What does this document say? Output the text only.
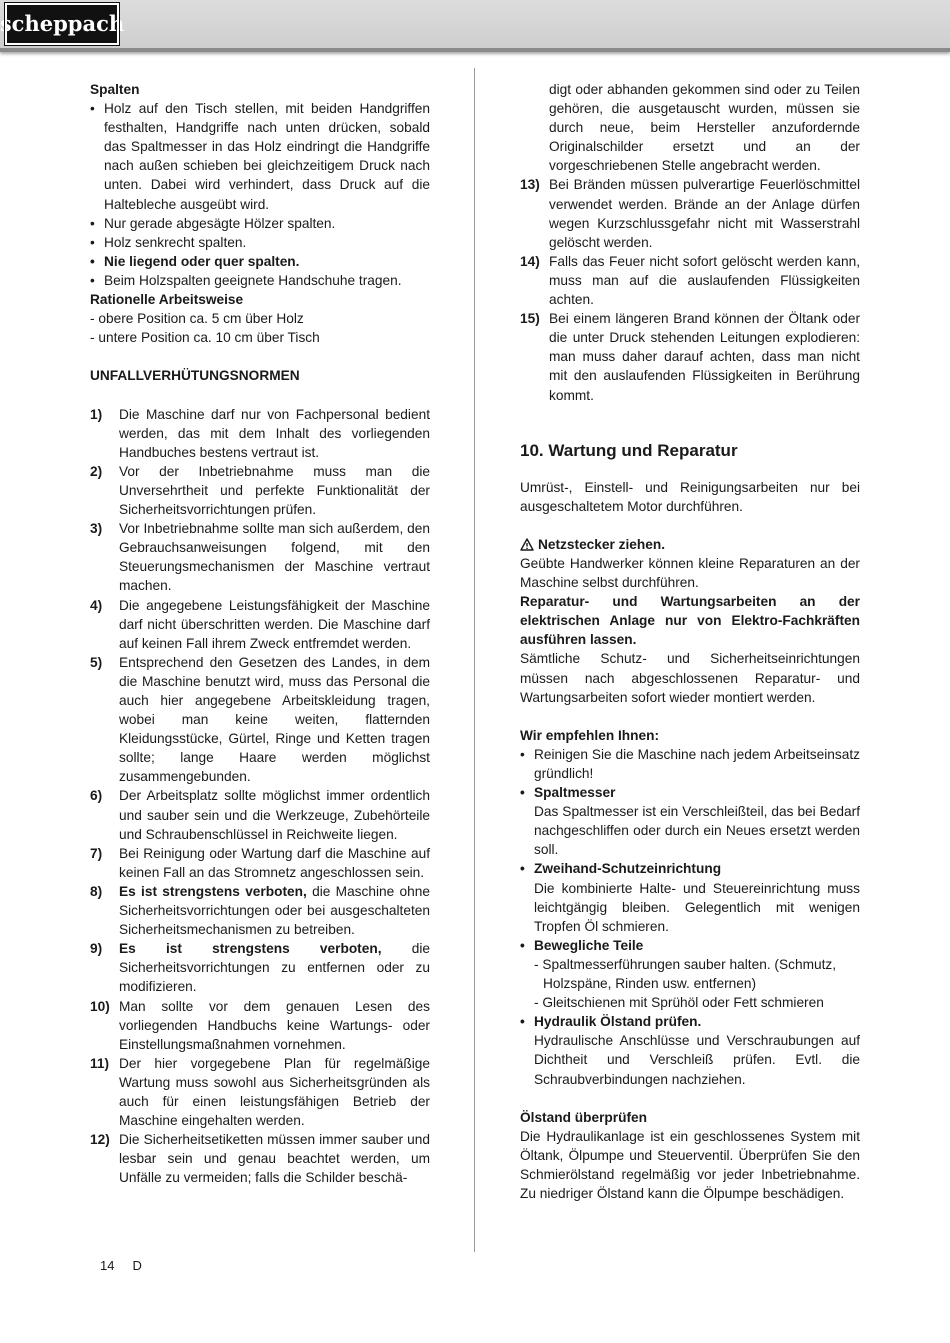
scheppach

Spalten

• Holz auf den Tisch stellen, mit beiden Handgriffen festhalten, Handgriffe nach unten drücken, sobald das Spaltmesser in das Holz eindringt die Handgriffe nach außen schieben bei gleichzeitigem Druck nach unten. Dabei wird verhindert, dass Druck auf die Haltebleche ausgeübt wird.

• Nur gerade abgesägte Hölzer spalten.

• Holz senkrecht spalten.

• Nie liegend oder quer spalten.

• Beim Holzspalten geeignete Handschuhe tragen.

Rationelle Arbeitsweise

- obere Position ca. 5 cm über Holz

- untere Position ca. 10 cm über Tisch

UNFALLVERHÜTUNGSNORMEN

1) Die Maschine darf nur von Fachpersonal bedient werden, das mit dem Inhalt des vorliegenden Handbuches bestens vertraut ist.
2) Vor der Inbetriebnahme muss man die Unversehrtheit und perfekte Funktionalität der Sicherheitsvorrichtungen prüfen.
3) Vor Inbetriebnahme sollte man sich außerdem, den Gebrauchsanweisungen folgend, mit den Steuerungsmechanismen der Maschine vertraut machen.
4) Die angegebene Leistungsfähigkeit der Maschine darf nicht überschritten werden. Die Maschine darf auf keinen Fall ihrem Zweck entfremdet werden.
5) Entsprechend den Gesetzen des Landes, in dem die Maschine benutzt wird, muss das Personal die auch hier angegebene Arbeitskleidung tragen, wobei man keine weiten, flatternden Kleidungsstücke, Gürtel, Ringe und Ketten tragen sollte; lange Haare werden möglichst zusammengebunden.
6) Der Arbeitsplatz sollte möglichst immer ordentlich und sauber sein und die Werkzeuge, Zubehörteile und Schraubenschlüssel in Reichweite liegen.
7) Bei Reinigung oder Wartung darf die Maschine auf keinen Fall an das Stromnetz angeschlossen sein.
8) Es ist strengstens verboten, die Maschine ohne Sicherheitsvorrichtungen oder bei ausgeschalteten Sicherheitsmechanismen zu betreiben.
9) Es ist strengstens verboten, die Sicherheitsvorrichtungen zu entfernen oder zu modifizieren.
10) Man sollte vor dem genauen Lesen des vorliegenden Handbuchs keine Wartungs- oder Einstellungsmaßnahmen vornehmen.
11) Der hier vorgegebene Plan für regelmäßige Wartung muss sowohl aus Sicherheitsgründen als auch für einen leistungsfähigen Betrieb der Maschine eingehalten werden.
12) Die Sicherheitsetiketten müssen immer sauber und lesbar sein und genau beachtet werden, um Unfälle zu vermeiden; falls die Schilder beschä-

digt oder abhanden gekommen sind oder zu Teilen gehören, die ausgetauscht wurden, müssen sie durch neue, beim Hersteller anzufordernde Originalschilder ersetzt und an der vorgeschriebenen Stelle angebracht werden.

13) Bei Bränden müssen pulverartige Feuerlöschmittel verwendet werden. Brände an der Anlage dürfen wegen Kurzschlussgefahr nicht mit Wasserstrahl gelöscht werden.
14) Falls das Feuer nicht sofort gelöscht werden kann, muss man auf die auslaufenden Flüssigkeiten achten.
15) Bei einem längeren Brand können der Öltank oder die unter Druck stehenden Leitungen explodieren: man muss daher darauf achten, dass man nicht mit den auslaufenden Flüssigkeiten in Berührung kommt.

10. Wartung und Reparatur

Umrüst-, Einstell- und Reinigungsarbeiten nur bei ausgeschaltetem Motor durchführen.

Netzstecker ziehen.

Geübte Handwerker können kleine Reparaturen an der Maschine selbst durchführen.

Reparatur- und Wartungsarbeiten an der elektrischen Anlage nur von Elektro-Fachkräften ausführen lassen.

Sämtliche Schutz- und Sicherheitseinrichtungen müssen nach abgeschlossenen Reparatur- und Wartungsarbeiten sofort wieder montiert werden.

Wir empfehlen Ihnen:

• Reinigen Sie die Maschine nach jedem Arbeitseinsatz gründlich!

• Spaltmesser

Das Spaltmesser ist ein Verschleißteil, das bei Bedarf nachgeschliffen oder durch ein Neues ersetzt werden soll.

• Zweihand-Schutzeinrichtung

Die kombinierte Halte- und Steuereinrichtung muss leichtgängig bleiben. Gelegentlich mit wenigen Tropfen Öl schmieren.

• Bewegliche Teile

- Spaltmesserführungen sauber halten. (Schmutz,

Holzspäne, Rinden usw. entfernen)

- Gleitschienen mit Sprühöl oder Fett schmieren

• Hydraulik Ölstand prüfen.

Hydraulische Anschlüsse und Verschraubungen auf Dichtheit und Verschleiß prüfen. Evtl. die Schraubverbindungen nachziehen.

Ölstand überprüfen

Die Hydraulikanlage ist ein geschlossenes System mit Öltank, Ölpumpe und Steuerventil. Überprüfen Sie den Schmierölstand regelmäßig vor jeder Inbetriebnahme. Zu niedriger Ölstand kann die Ölpumpe beschädigen.

14 D
